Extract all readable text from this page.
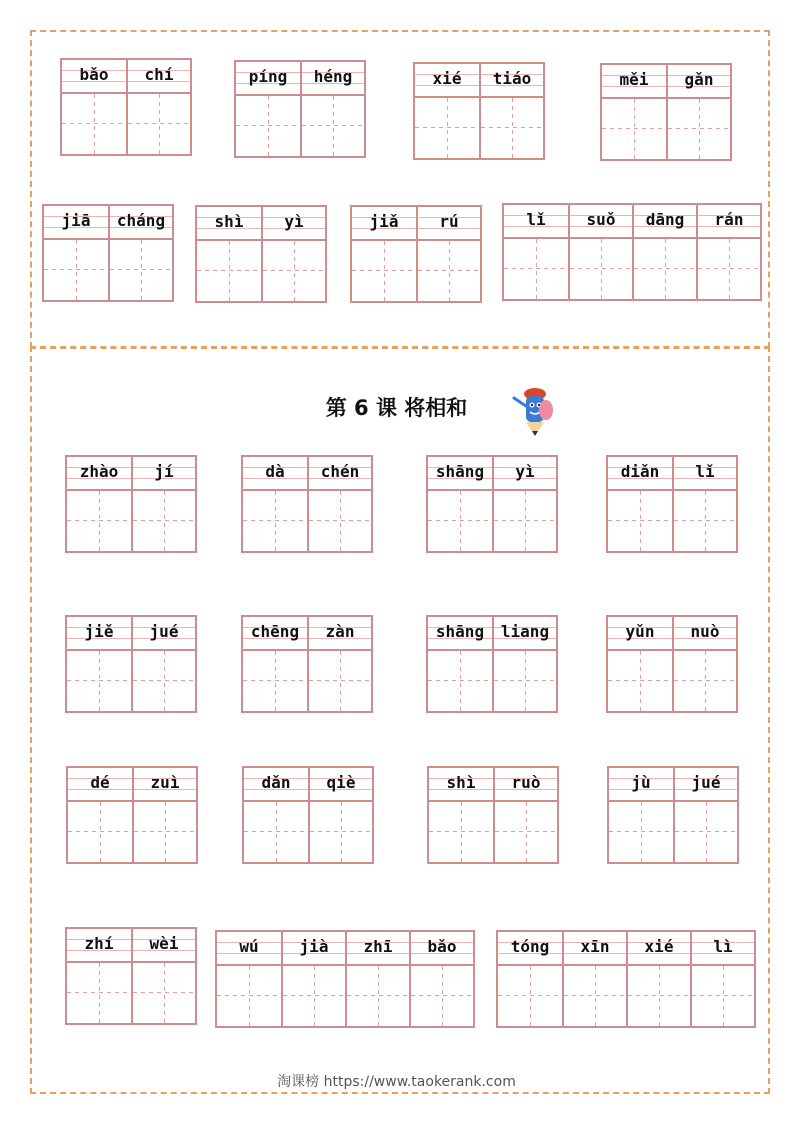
bǎo	chí	píng	héng	xié	tiáo	měi	gǎn
jiā	cháng	shì	yì	jiǎ	rú	lǐ	suǒ	dāng	rán
第 6 课 将相和
zhào	jí	dà	chén	shāng	yì	diǎn	lǐ
jiě	jué	chēng	zàn	shāng	liang	yǔn	nuò
dé	zuì	dǎn	qiè	shì	ruò	jù	jué
zhí	wèi	wú	jià	zhī	bǎo	tóng	xīn	xié	lì
淘课榜 https://www.taokerank.com
